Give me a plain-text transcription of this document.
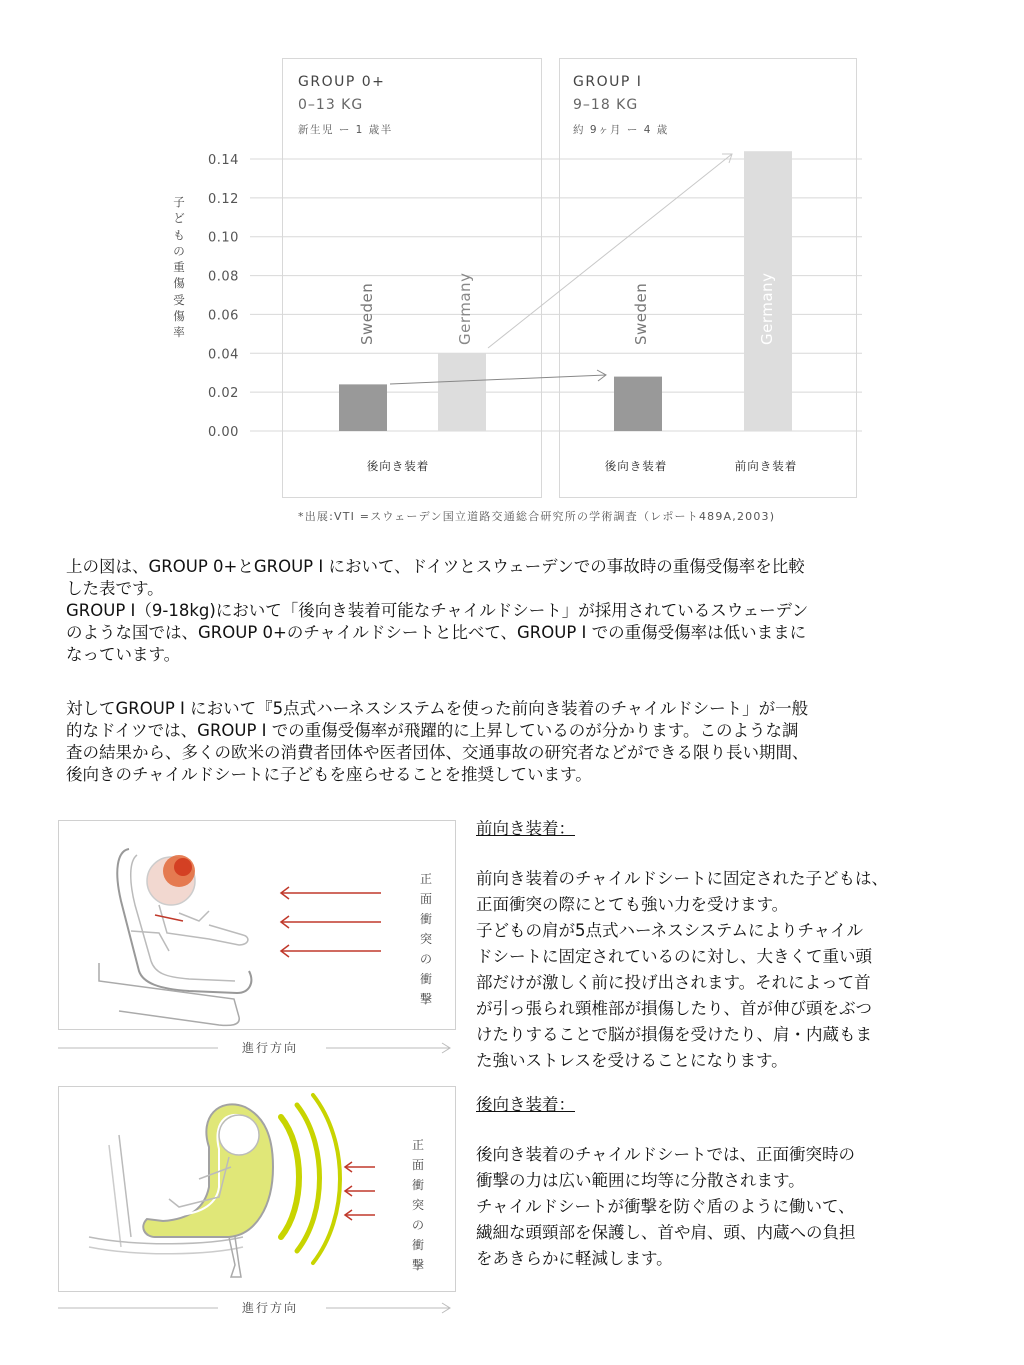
GROUP 0+
0–13 KG
新生児 ー 1 歳半
GROUP I
9–18 KG
約 9ヶ月 ー 4 歳
子
ど
も
の
重
傷
受
傷
率
0.14
0.12
0.10
0.08
0.06
0.04
0.02
0.00
Sweden	Germany	Sweden	Germany
後向き装着	後向き装着	前向き装着
*出展:VTI =スウェーデン国立道路交通総合研究所の学術調査（レポート489A,2003)
上の図は、GROUP 0+とGROUP I において、ドイツとスウェーデンでの事故時の重傷受傷率を比較
した表です。
GROUP I（9-18kg)において「後向き装着可能なチャイルドシート」が採用されているスウェーデン
のような国では、GROUP 0+のチャイルドシートと比べて、GROUP I での重傷受傷率は低いままに
なっています。
対してGROUP I において『5点式ハーネスシステムを使った前向き装着のチャイルドシート」が一般
的なドイツでは、GROUP I での重傷受傷率が飛躍的に上昇しているのが分かります。このような調
査の結果から、多くの欧米の消費者団体や医者団体、交通事故の研究者などができる限り長い期間、
後向きのチャイルドシートに子どもを座らせることを推奨しています。
正
面
衝
突
の
衝
撃
進行方向
正
面
衝
突
の
衝
撃
進行方向
前向き装着：
前向き装着のチャイルドシートに固定された子どもは、
正面衝突の際にとても強い力を受けます。
子どもの肩が5点式ハーネスシステムによりチャイル
ドシートに固定されているのに対し、大きくて重い頭
部だけが激しく前に投げ出されます。それによって首
が引っ張られ頸椎部が損傷したり、首が伸び頭をぶつ
けたりすることで脳が損傷を受けたり、肩・内蔵もま
た強いストレスを受けることになります。
後向き装着：
後向き装着のチャイルドシートでは、正面衝突時の
衝撃の力は広い範囲に均等に分散されます。
チャイルドシートが衝撃を防ぐ盾のように働いて、
繊細な頭頸部を保護し、首や肩、頭、内蔵への負担
をあきらかに軽減します。
